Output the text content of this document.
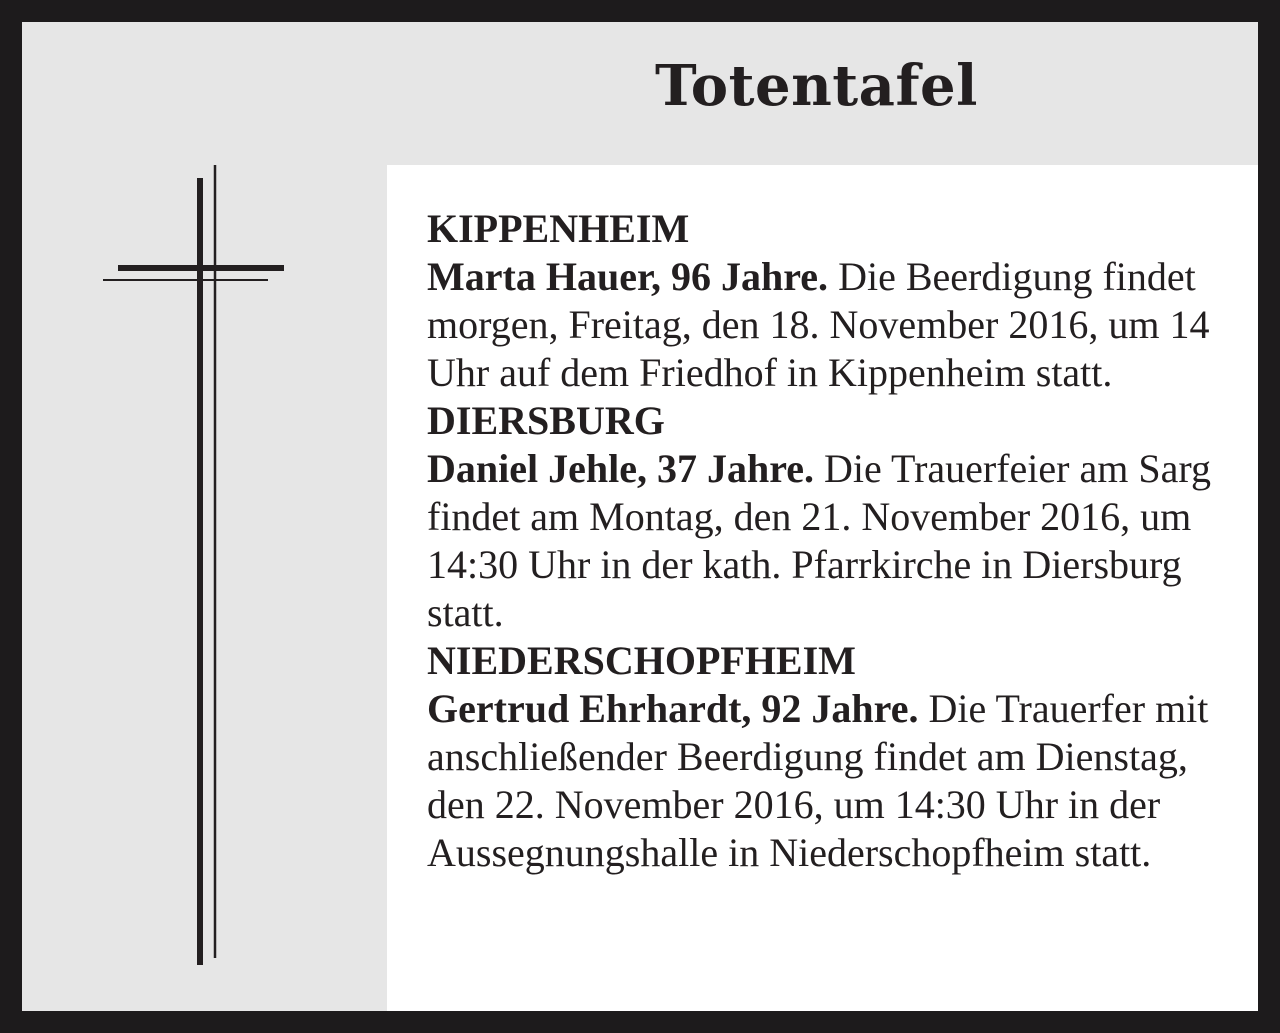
Totentafel

KIPPENHEIM

Marta Hauer, 96 Jahre. Die Beerdigung findet morgen, Freitag, den 18. November 2016, um 14 Uhr auf dem Friedhof in Kippenheim statt.

DIERSBURG

Daniel Jehle, 37 Jahre. Die Trauerfeier am Sarg findet am Montag, den 21. November 2016, um 14:30 Uhr in der kath. Pfarrkirche in Diersburg statt.

NIEDERSCHOPFHEIM

Gertrud Ehrhardt, 92 Jahre. Die Trauerfer mit anschließender Beerdigung findet am Dienstag, den 22. November 2016, um 14:30 Uhr in der Aussegnungshalle in Niederschopfheim statt.
